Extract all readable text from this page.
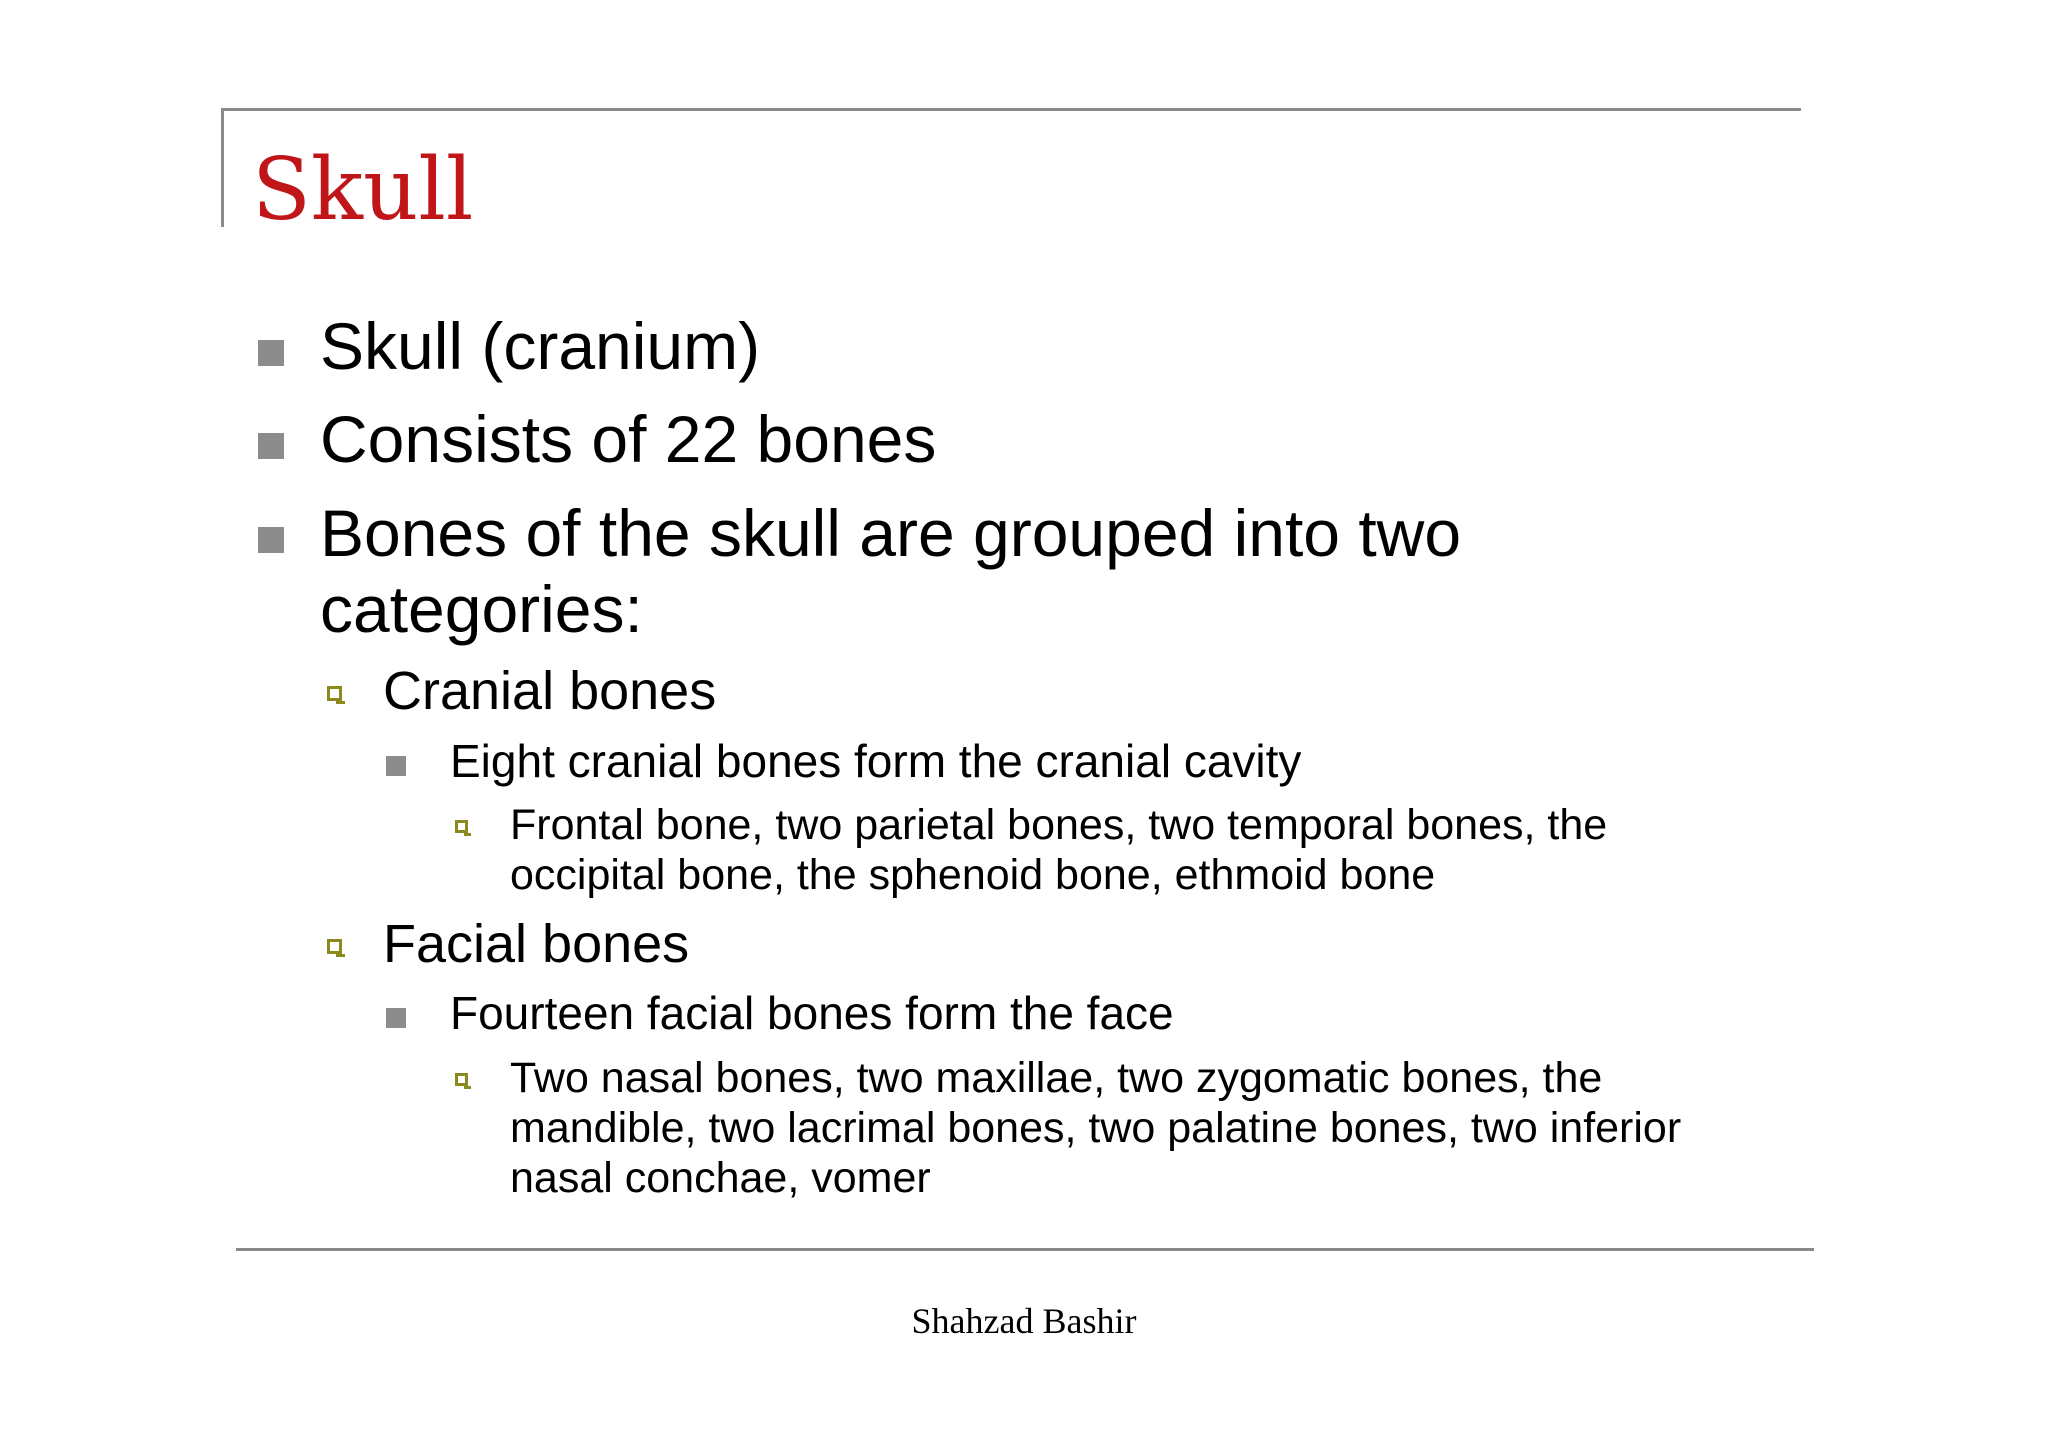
Skull
Skull (cranium)
Consists of 22 bones
Bones of the skull are grouped into two
categories:
Cranial bones
Eight cranial bones form the cranial cavity
Frontal bone, two parietal bones, two temporal bones, the
occipital bone, the sphenoid bone, ethmoid bone
Facial bones
Fourteen facial bones form the face
Two nasal bones, two maxillae, two zygomatic bones, the
mandible, two lacrimal bones, two palatine bones, two inferior
nasal conchae, vomer
Shahzad Bashir
